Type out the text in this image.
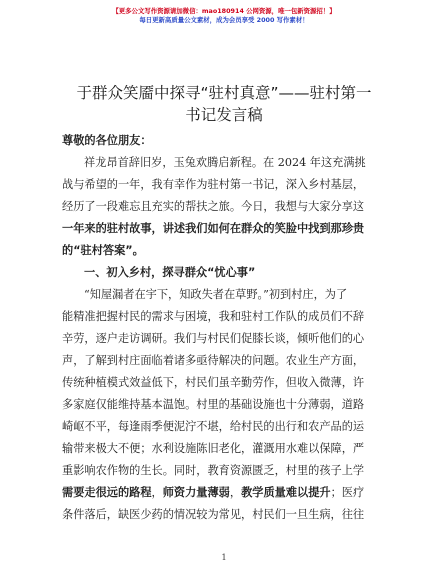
【更多公文写作资源请加微信：mao180914 公网资源，唯一包新资源招！】
每日更新高质量公文素材，成为会员享受 2000 写作素材！
于群众笑靥中探寻“驻村真意”——驻村第一
书记发言稿
尊敬的各位朋友：
祥龙昂首辞旧岁，玉兔欢腾启新程。在 2024 年这充满挑
战与希望的一年，我有幸作为驻村第一书记，深入乡村基层，
经历了一段难忘且充实的帮扶之旅。今日，我想与大家分享这
一年来的驻村故事，讲述我们如何在群众的笑脸中找到那珍贵
的“驻村答案”。
一、初入乡村，探寻群众“忧心事”
“知屋漏者在宇下，知政失者在草野。”初到村庄，为了
能精准把握村民的需求与困境，我和驻村工作队的成员们不辞
辛劳，逐户走访调研。我们与村民们促膝长谈，倾听他们的心
声，了解到村庄面临着诸多亟待解决的问题。农业生产方面，
传统种植模式效益低下，村民们虽辛勤劳作，但收入微薄，许
多家庭仅能维持基本温饱。村里的基础设施也十分薄弱，道路
崎岖不平，每逢雨季便泥泞不堪，给村民的出行和农产品的运
输带来极大不便；水利设施陈旧老化，灌溉用水难以保障，严
重影响农作物的生长。同时，教育资源匮乏，村里的孩子上学
需要走很远的路程，师资力量薄弱，教学质量难以提升；医疗
条件落后，缺医少药的情况较为常见，村民们一旦生病，往往
1
